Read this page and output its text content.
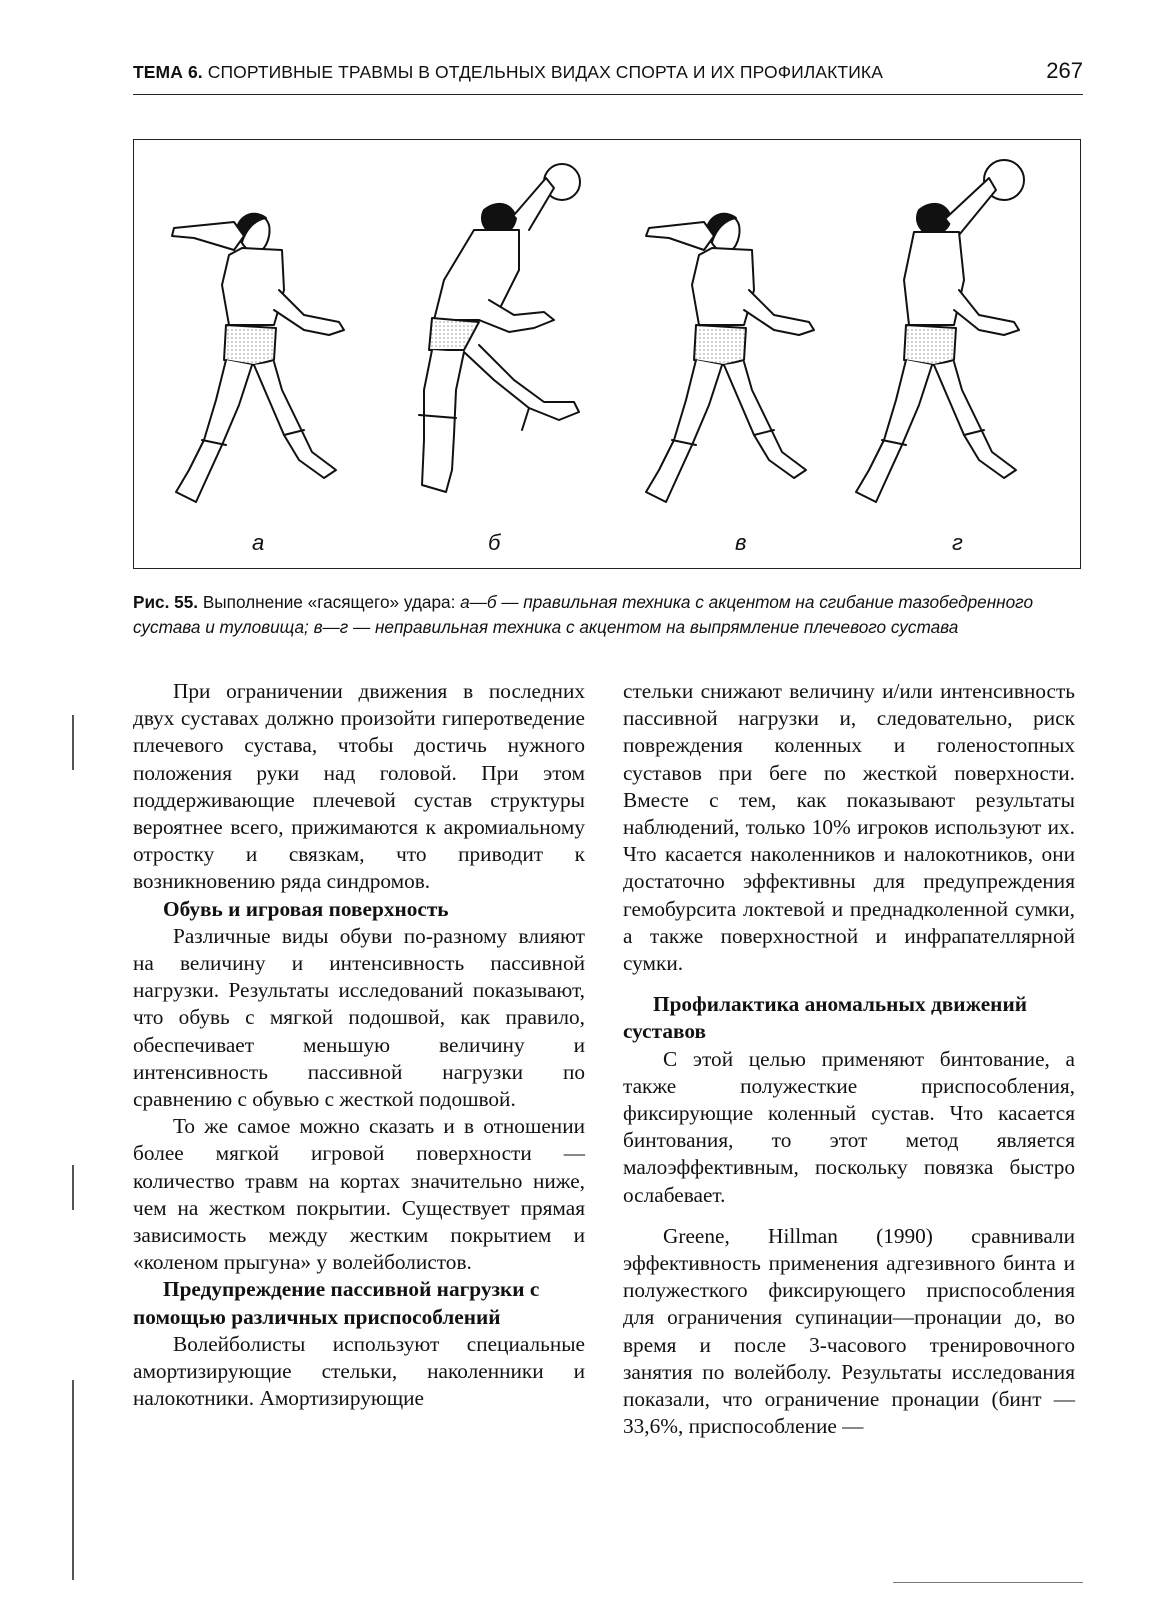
ТЕМА 6. СПОРТИВНЫЕ ТРАВМЫ В ОТДЕЛЬНЫХ ВИДАХ СПОРТА И ИХ ПРОФИЛАКТИКА	267
а	б	в	г
Рис. 55. Выполнение «гасящего» удара: а—б — правильная техника с акцентом на сгибание тазобедренного сустава и туловища; в—г — неправильная техника с акцентом на выпрямление плечевого сустава

При ограничении движения в последних двух суставах должно произойти гиперотведение плечевого сустава, чтобы достичь нужного положения руки над головой. При этом поддерживающие плечевой сустав структуры вероятнее всего, прижимаются к акромиальному отростку и связкам, что приводит к возникновению ряда синдромов.

Обувь и игровая поверхность

Различные виды обуви по-разному влияют на величину и интенсивность пассивной нагрузки. Результаты исследований показывают, что обувь с мягкой подошвой, как правило, обеспечивает меньшую величину и интенсивность пассивной нагрузки по сравнению с обувью с жесткой подошвой.

То же самое можно сказать и в отношении более мягкой игровой поверхности — количество травм на кортах значительно ниже, чем на жестком покрытии. Существует прямая зависимость между жестким покрытием и «коленом прыгуна» у волейболистов.

Предупреждение пассивной нагрузки с помощью различных приспособлений

Волейболисты используют специальные амортизирующие стельки, наколенники и налокотники. Амортизирующие

стельки снижают величину и/или интенсивность пассивной нагрузки и, следовательно, риск повреждения коленных и голеностопных суставов при беге по жесткой поверхности. Вместе с тем, как показывают результаты наблюдений, только 10% игроков используют их. Что касается наколенников и налокотников, они достаточно эффективны для предупреждения гемобурсита локтевой и преднадколенной сумки, а также поверхностной и инфрапателлярной сумки.

Профилактика аномальных движений суставов

С этой целью применяют бинтование, а также полужесткие приспособления, фиксирующие коленный сустав. Что касается бинтования, то этот метод является малоэффективным, поскольку повязка быстро ослабевает.

Greene, Hillman (1990) сравнивали эффективность применения адгезивного бинта и полужесткого фиксирующего приспособления для ограничения супинации—пронации до, во время и после 3-часового тренировочного занятия по волейболу. Результаты исследования показали, что ограничение пронации (бинт — 33,6%, приспособление —
